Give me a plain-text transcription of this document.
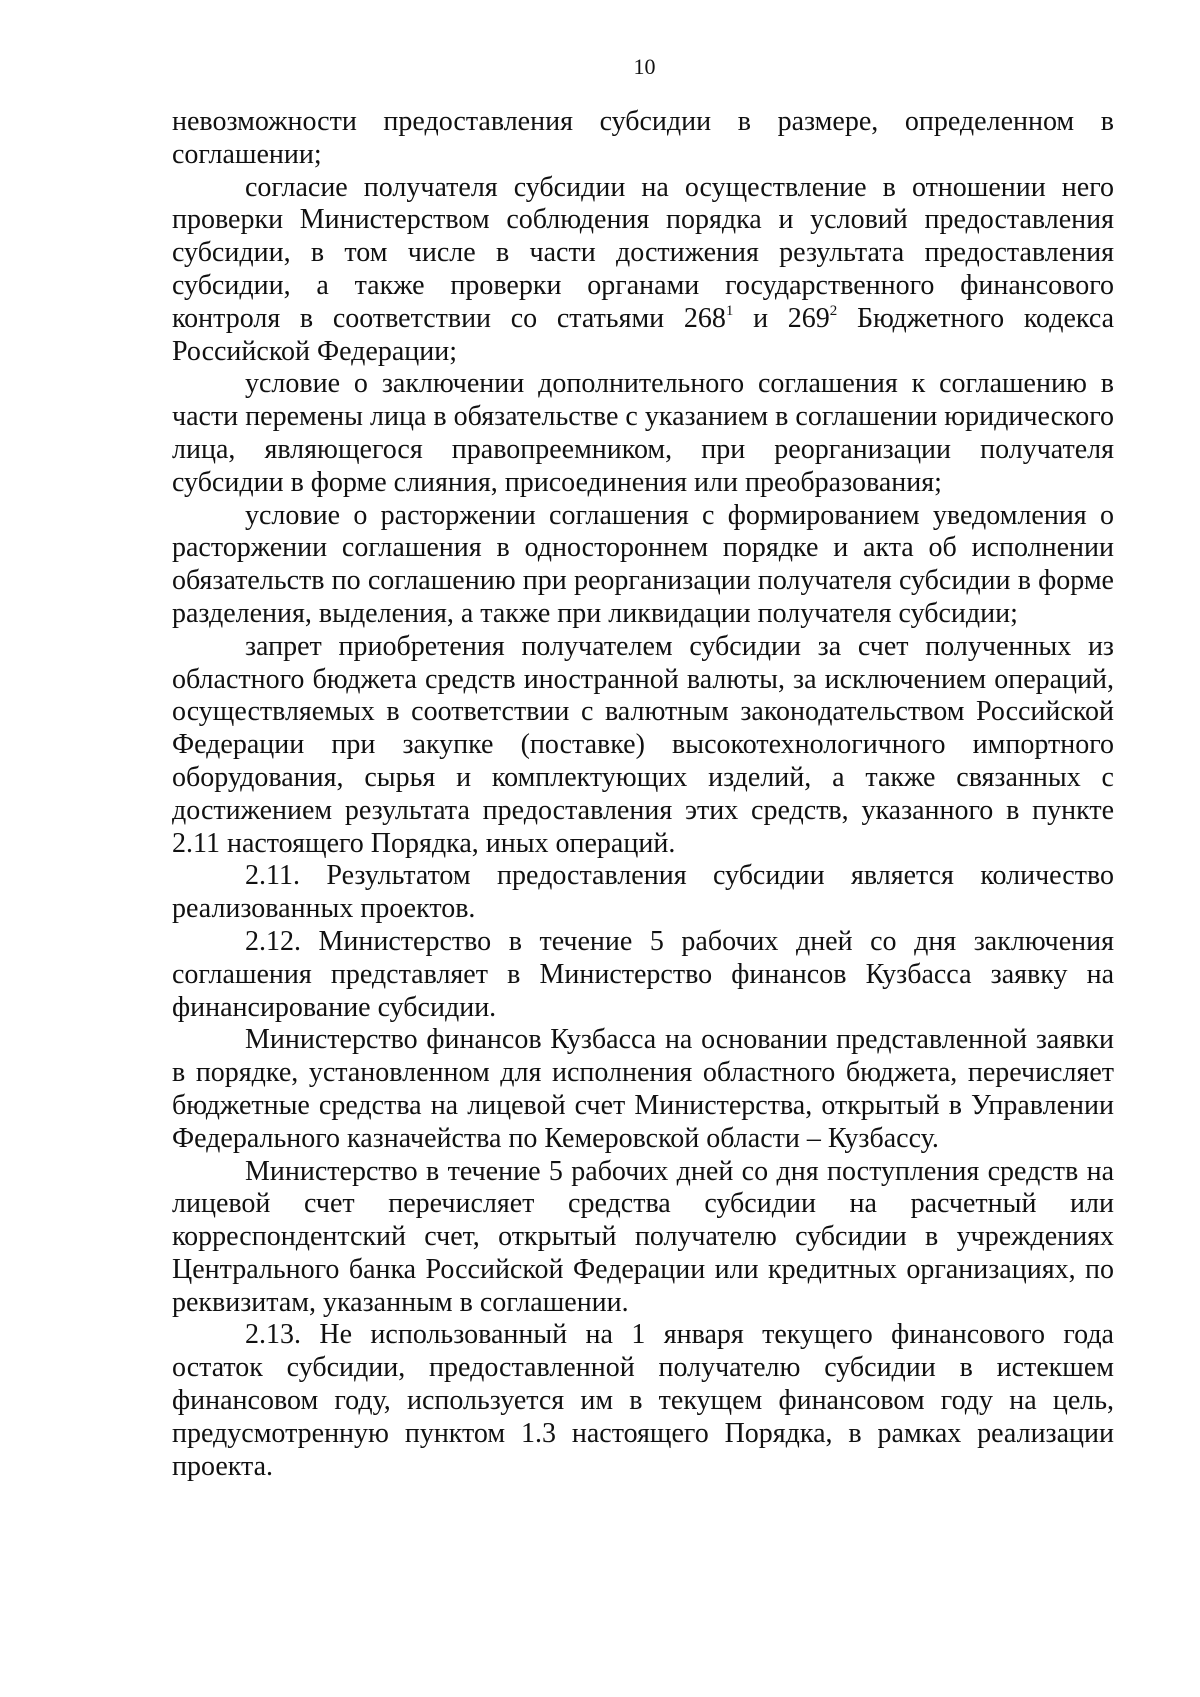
10

невозможности предоставления субсидии в размере, определенном в соглашении;

согласие получателя субсидии на осуществление в отношении него проверки Министерством соблюдения порядка и условий предоставления субсидии, в том числе в части достижения результата предоставления субсидии, а также проверки органами государственного финансового контроля в соответствии со статьями $268^1$ и $269^2$ Бюджетного кодекса Российской Федерации;

условие о заключении дополнительного соглашения к соглашению в части перемены лица в обязательстве с указанием в соглашении юридического лица, являющегося правопреемником, при реорганизации получателя субсидии в форме слияния, присоединения или преобразования;

условие о расторжении соглашения с формированием уведомления о расторжении соглашения в одностороннем порядке и акта об исполнении обязательств по соглашению при реорганизации получателя субсидии в форме разделения, выделения, а также при ликвидации получателя субсидии;

запрет приобретения получателем субсидии за счет полученных из областного бюджета средств иностранной валюты, за исключением операций, осуществляемых в соответствии с валютным законодательством Российской Федерации при закупке (поставке) высокотехнологичного импортного оборудования, сырья и комплектующих изделий, а также связанных с достижением результата предоставления этих средств, указанного в пункте 2.11 настоящего Порядка, иных операций.

2.11. Результатом предоставления субсидии является количество реализованных проектов.

2.12. Министерство в течение 5 рабочих дней со дня заключения соглашения представляет в Министерство финансов Кузбасса заявку на финансирование субсидии.

Министерство финансов Кузбасса на основании представленной заявки в порядке, установленном для исполнения областного бюджета, перечисляет бюджетные средства на лицевой счет Министерства, открытый в Управлении Федерального казначейства по Кемеровской области – Кузбассу.

Министерство в течение 5 рабочих дней со дня поступления средств на лицевой счет перечисляет средства субсидии на расчетный или корреспондентский счет, открытый получателю субсидии в учреждениях Центрального банка Российской Федерации или кредитных организациях, по реквизитам, указанным в соглашении.

2.13. Не использованный на 1 января текущего финансового года остаток субсидии, предоставленной получателю субсидии в истекшем финансовом году, используется им в текущем финансовом году на цель, предусмотренную пунктом 1.3 настоящего Порядка, в рамках реализации проекта.
